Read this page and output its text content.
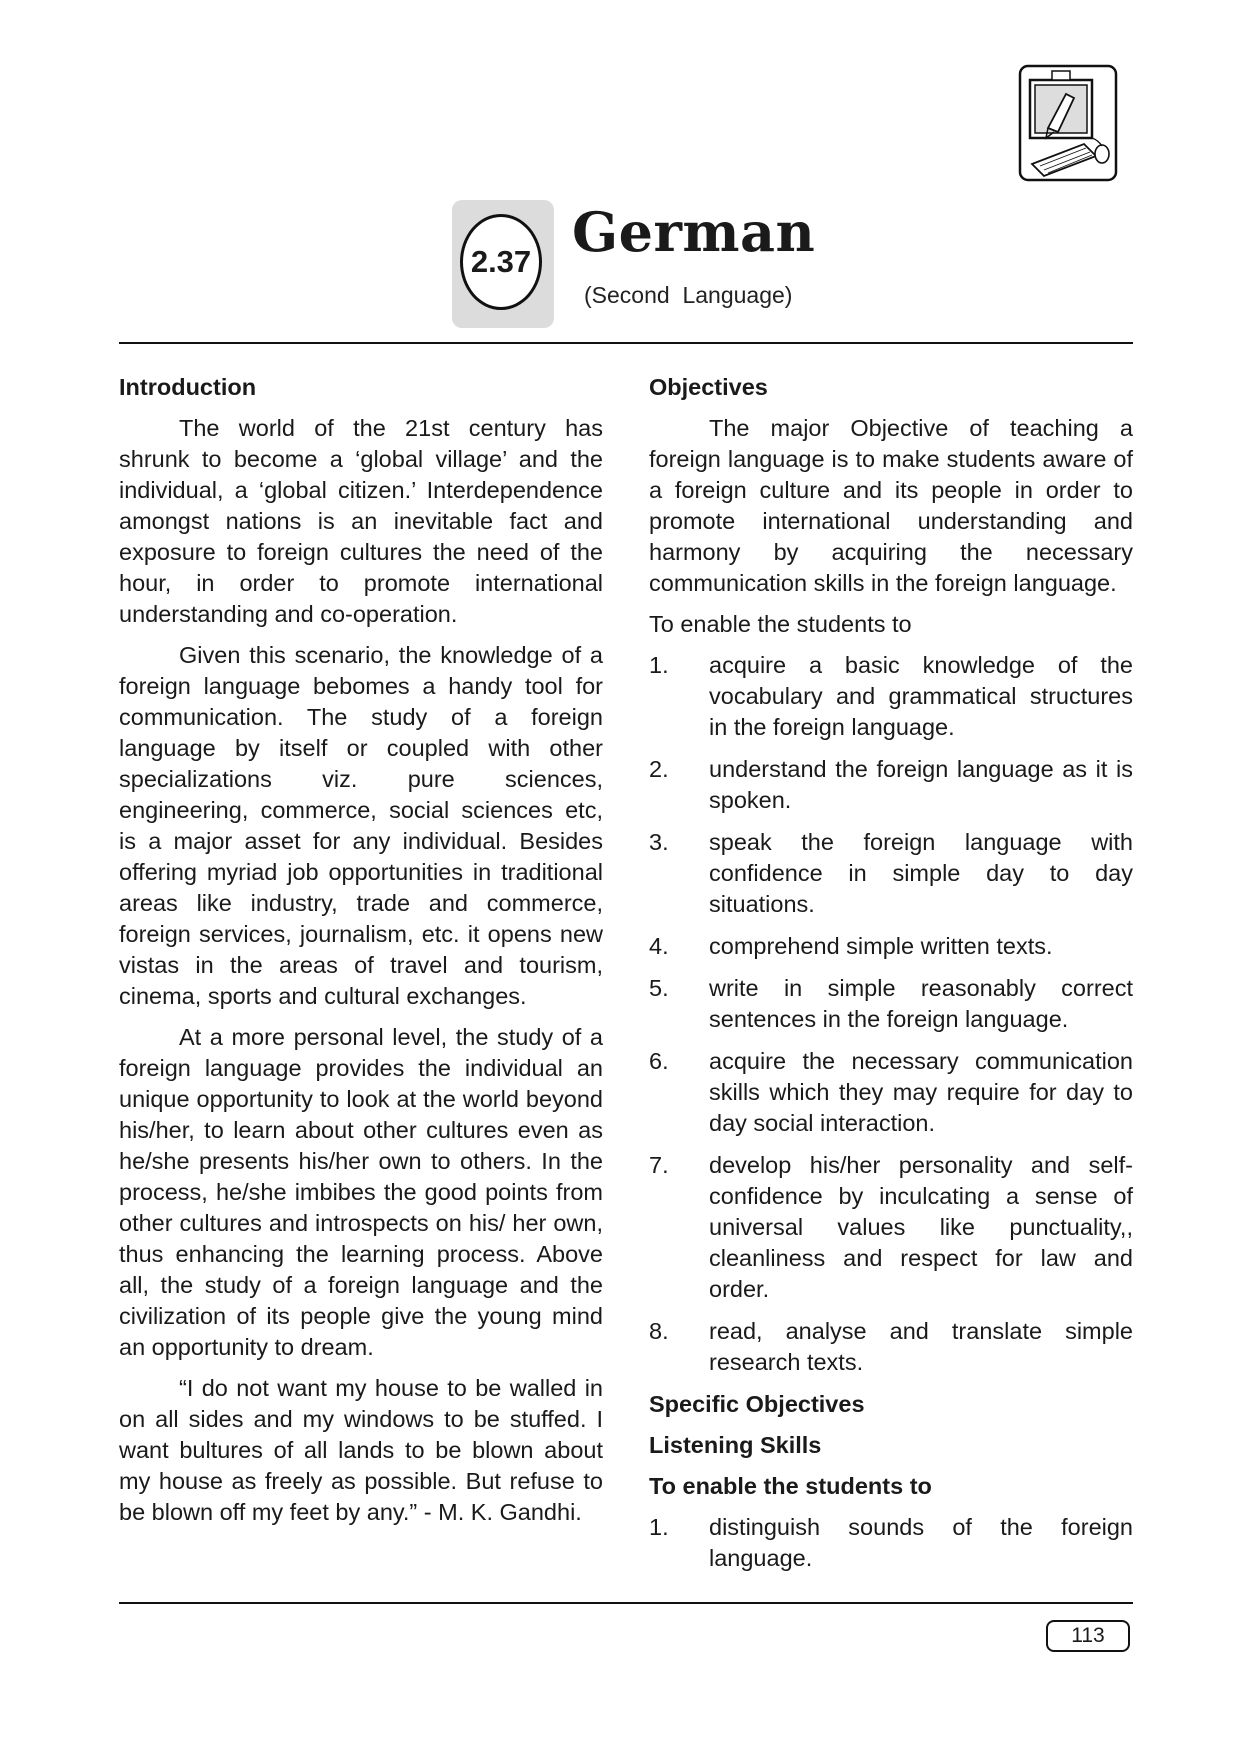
2.37 German
(Second  Language)
Introduction

The world of the 21st century has shrunk to become a ‘global village’ and the individual, a ‘global citizen.’ Interdependence amongst nations is an inevitable fact and exposure to foreign cultures the need of the hour, in order to promote international understanding and co-operation.

Given this scenario, the knowledge of a foreign language bebomes a handy tool for communication. The study of a foreign language by itself or coupled with other specializations viz. pure sciences, engineering, commerce, social sciences etc, is a major asset for any individual. Besides offering myriad job opportunities in traditional areas like industry, trade and commerce, foreign services, journalism, etc. it opens new vistas in the areas of travel and tourism, cinema, sports and cultural exchanges.

At a more personal level, the study of a foreign language provides the individual an unique opportunity to look at the world beyond his/her, to learn about other cultures even as he/she presents his/her own to others. In the process, he/she imbibes the good points from other cultures and introspects on his/ her own, thus enhancing the learning process. Above all, the study of a foreign language and the civilization of its people give the young mind an opportunity to dream.

“I do not want my house to be walled in on all sides and my windows to be stuffed. I want bultures of all lands to be blown about my house as freely as possible. But refuse to be blown off my feet by any.” - M. K. Gandhi.

Objectives

The major Objective of teaching a foreign language is to make students aware of a foreign culture and its people in order to promote international understanding and harmony by acquiring the necessary communication skills in the foreign language.

To enable the students to

1.	acquire a basic knowledge of the vocabulary and grammatical structures in the foreign language.
2.	understand the foreign language as it is spoken.
3.	speak the foreign language with confidence in simple day to day situations.
4.	comprehend simple written texts.
5.	write in simple reasonably correct sentences in the foreign language.
6.	acquire the necessary communication skills which they may require for day to day social interaction.
7.	develop his/her personality and self-confidence by inculcating a sense of universal values like punctuality,, cleanliness and respect for law and order.
8.	read, analyse and translate simple research texts.
Specific Objectives
Listening Skills
To enable the students to
1.	distinguish sounds of the foreign language.
113
